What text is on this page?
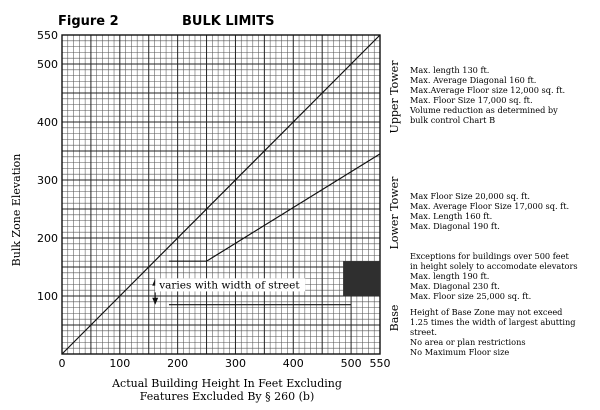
Figure 2	BULK LIMITS
Bulk Zone Elevation
Actual Building Height In Feet Excluding
Features Excluded By § 260 (b)
varies with width of street
0	100	200	300	400	500 550
100
200
300
400
500
550
Upper Tower
Lower Tower
Base
Max. length 130 ft.
Max. Average Diagonal 160 ft.
Max.Average Floor size 12,000 sq. ft.
Max. Floor Size 17,000 sq. ft.
Volume reduction as determined by
bulk control Chart B
Max Floor Size 20,000 sq. ft.
Max. Average Floor Size 17,000 sq. ft.
Max. Length 160 ft.
Max. Diagonal 190 ft.
Exceptions for buildings over 500 feet
in height solely to accomodate elevators
Max. length 190 ft.
Max. Diagonal 230 ft.
Max. Floor size 25,000 sq. ft.
Height of Base Zone may not exceed
1.25 times the width of largest abutting
street.
No area or plan restrictions
No Maximum Floor size
